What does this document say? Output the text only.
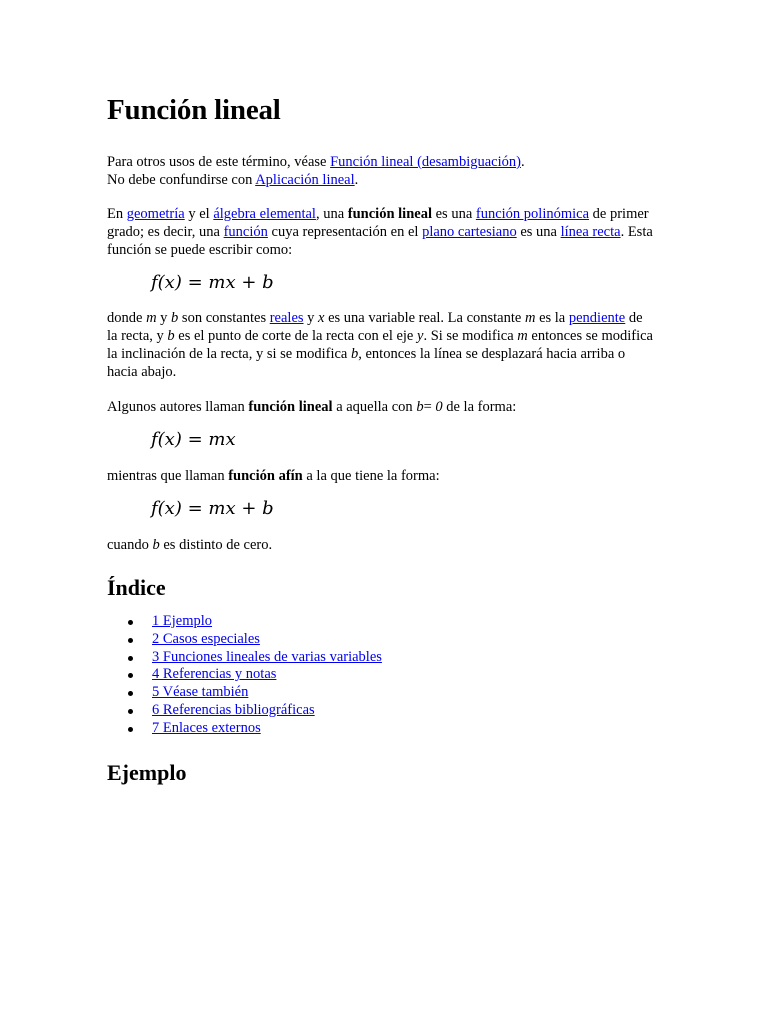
Función lineal
Para otros usos de este término, véase Función lineal (desambiguación).
No debe confundirse con Aplicación lineal.

En geometría y el álgebra elemental, una función lineal es una función polinómica de primer grado; es decir, una función cuya representación en el plano cartesiano es una línea recta. Esta función se puede escribir como:

f(x) = mx + b

donde m y b son constantes reales y x es una variable real. La constante m es la pendiente de la recta, y b es el punto de corte de la recta con el eje y. Si se modifica m entonces se modifica la inclinación de la recta, y si se modifica b, entonces la línea se desplazará hacia arriba o hacia abajo.

Algunos autores llaman función lineal a aquella con b= 0 de la forma:

f(x) = mx

mientras que llaman función afín a la que tiene la forma:

f(x) = mx + b

cuando b es distinto de cero.

Índice
1 Ejemplo
2 Casos especiales
3 Funciones lineales de varias variables
4 Referencias y notas
5 Véase también
6 Referencias bibliográficas
7 Enlaces externos
Ejemplo
